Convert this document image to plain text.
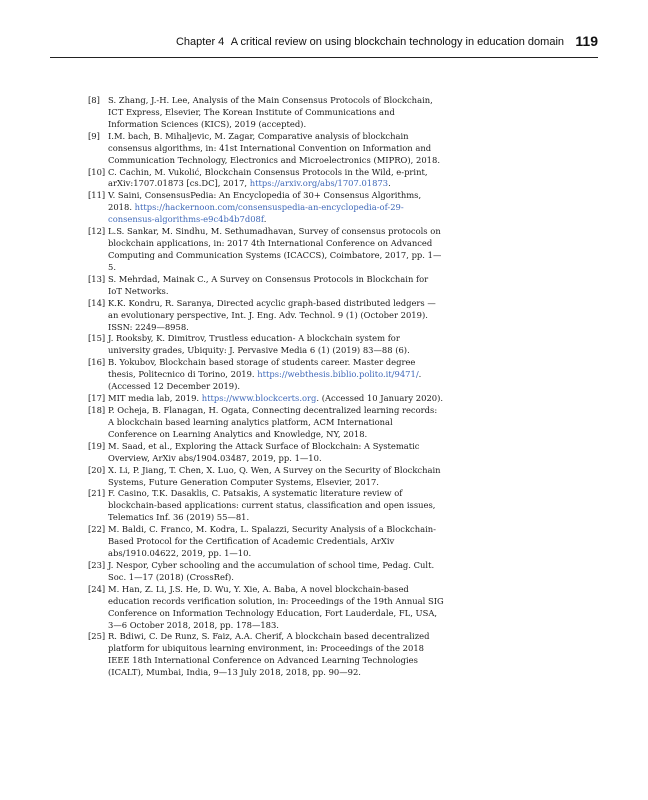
Chapter 4 A critical review on using blockchain technology in education domain 119
[8] S. Zhang, J.-H. Lee, Analysis of the Main Consensus Protocols of Blockchain, ICT Express, Elsevier, The Korean Institute of Communications and Information Sciences (KICS), 2019 (accepted).
[9] I.M. bach, B. Mihaljevic, M. Zagar, Comparative analysis of blockchain consensus algorithms, in: 41st International Convention on Information and Communication Technology, Electronics and Microelectronics (MIPRO), 2018.
[10] C. Cachin, M. Vukolić, Blockchain Consensus Protocols in the Wild, e-print, arXiv:1707.01873 [cs.DC], 2017, https://arxiv.org/abs/1707.01873.
[11] V. Saini, ConsensusPedia: An Encyclopedia of 30+ Consensus Algorithms, 2018. https://hackernoon.com/consensuspedia-an-encyclopedia-of-29-consensus-algorithms-e9c4b4b7d08f.
[12] L.S. Sankar, M. Sindhu, M. Sethumadhavan, Survey of consensus protocols on blockchain applications, in: 2017 4th International Conference on Advanced Computing and Communication Systems (ICACCS), Coimbatore, 2017, pp. 1—5.
[13] S. Mehrdad, Mainak C., A Survey on Consensus Protocols in Blockchain for IoT Networks.
[14] K.K. Kondru, R. Saranya, Directed acyclic graph-based distributed ledgers —an evolutionary perspective, Int. J. Eng. Adv. Technol. 9 (1) (October 2019). ISSN: 2249—8958.
[15] J. Rooksby, K. Dimitrov, Trustless education- A blockchain system for university grades, Ubiquity: J. Pervasive Media 6 (1) (2019) 83—88 (6).
[16] B. Yokubov, Blockchain based storage of students career. Master degree thesis, Politecnico di Torino, 2019. https://webthesis.biblio.polito.it/9471/. (Accessed 12 December 2019).
[17] MIT media lab, 2019. https://www.blockcerts.org. (Accessed 10 January 2020).
[18] P. Ocheja, B. Flanagan, H. Ogata, Connecting decentralized learning records: A blockchain based learning analytics platform, ACM International Conference on Learning Analytics and Knowledge, NY, 2018.
[19] M. Saad, et al., Exploring the Attack Surface of Blockchain: A Systematic Overview, ArXiv abs/1904.03487, 2019, pp. 1—10.
[20] X. Li, P. Jiang, T. Chen, X. Luo, Q. Wen, A Survey on the Security of Blockchain Systems, Future Generation Computer Systems, Elsevier, 2017.
[21] F. Casino, T.K. Dasaklis, C. Patsakis, A systematic literature review of blockchain-based applications: current status, classification and open issues, Telematics Inf. 36 (2019) 55—81.
[22] M. Baldi, C. Franco, M. Kodra, L. Spalazzi, Security Analysis of a Blockchain-Based Protocol for the Certification of Academic Credentials, ArXiv abs/1910.04622, 2019, pp. 1—10.
[23] J. Nespor, Cyber schooling and the accumulation of school time, Pedag. Cult. Soc. 1—17 (2018) (CrossRef).
[24] M. Han, Z. Li, J.S. He, D. Wu, Y. Xie, A. Baba, A novel blockchain-based education records verification solution, in: Proceedings of the 19th Annual SIG Conference on Information Technology Education, Fort Lauderdale, FL, USA, 3—6 October 2018, 2018, pp. 178—183.
[25] R. Bdiwi, C. De Runz, S. Faiz, A.A. Cherif, A blockchain based decentralized platform for ubiquitous learning environment, in: Proceedings of the 2018 IEEE 18th International Conference on Advanced Learning Technologies (ICALT), Mumbai, India, 9—13 July 2018, 2018, pp. 90—92.
